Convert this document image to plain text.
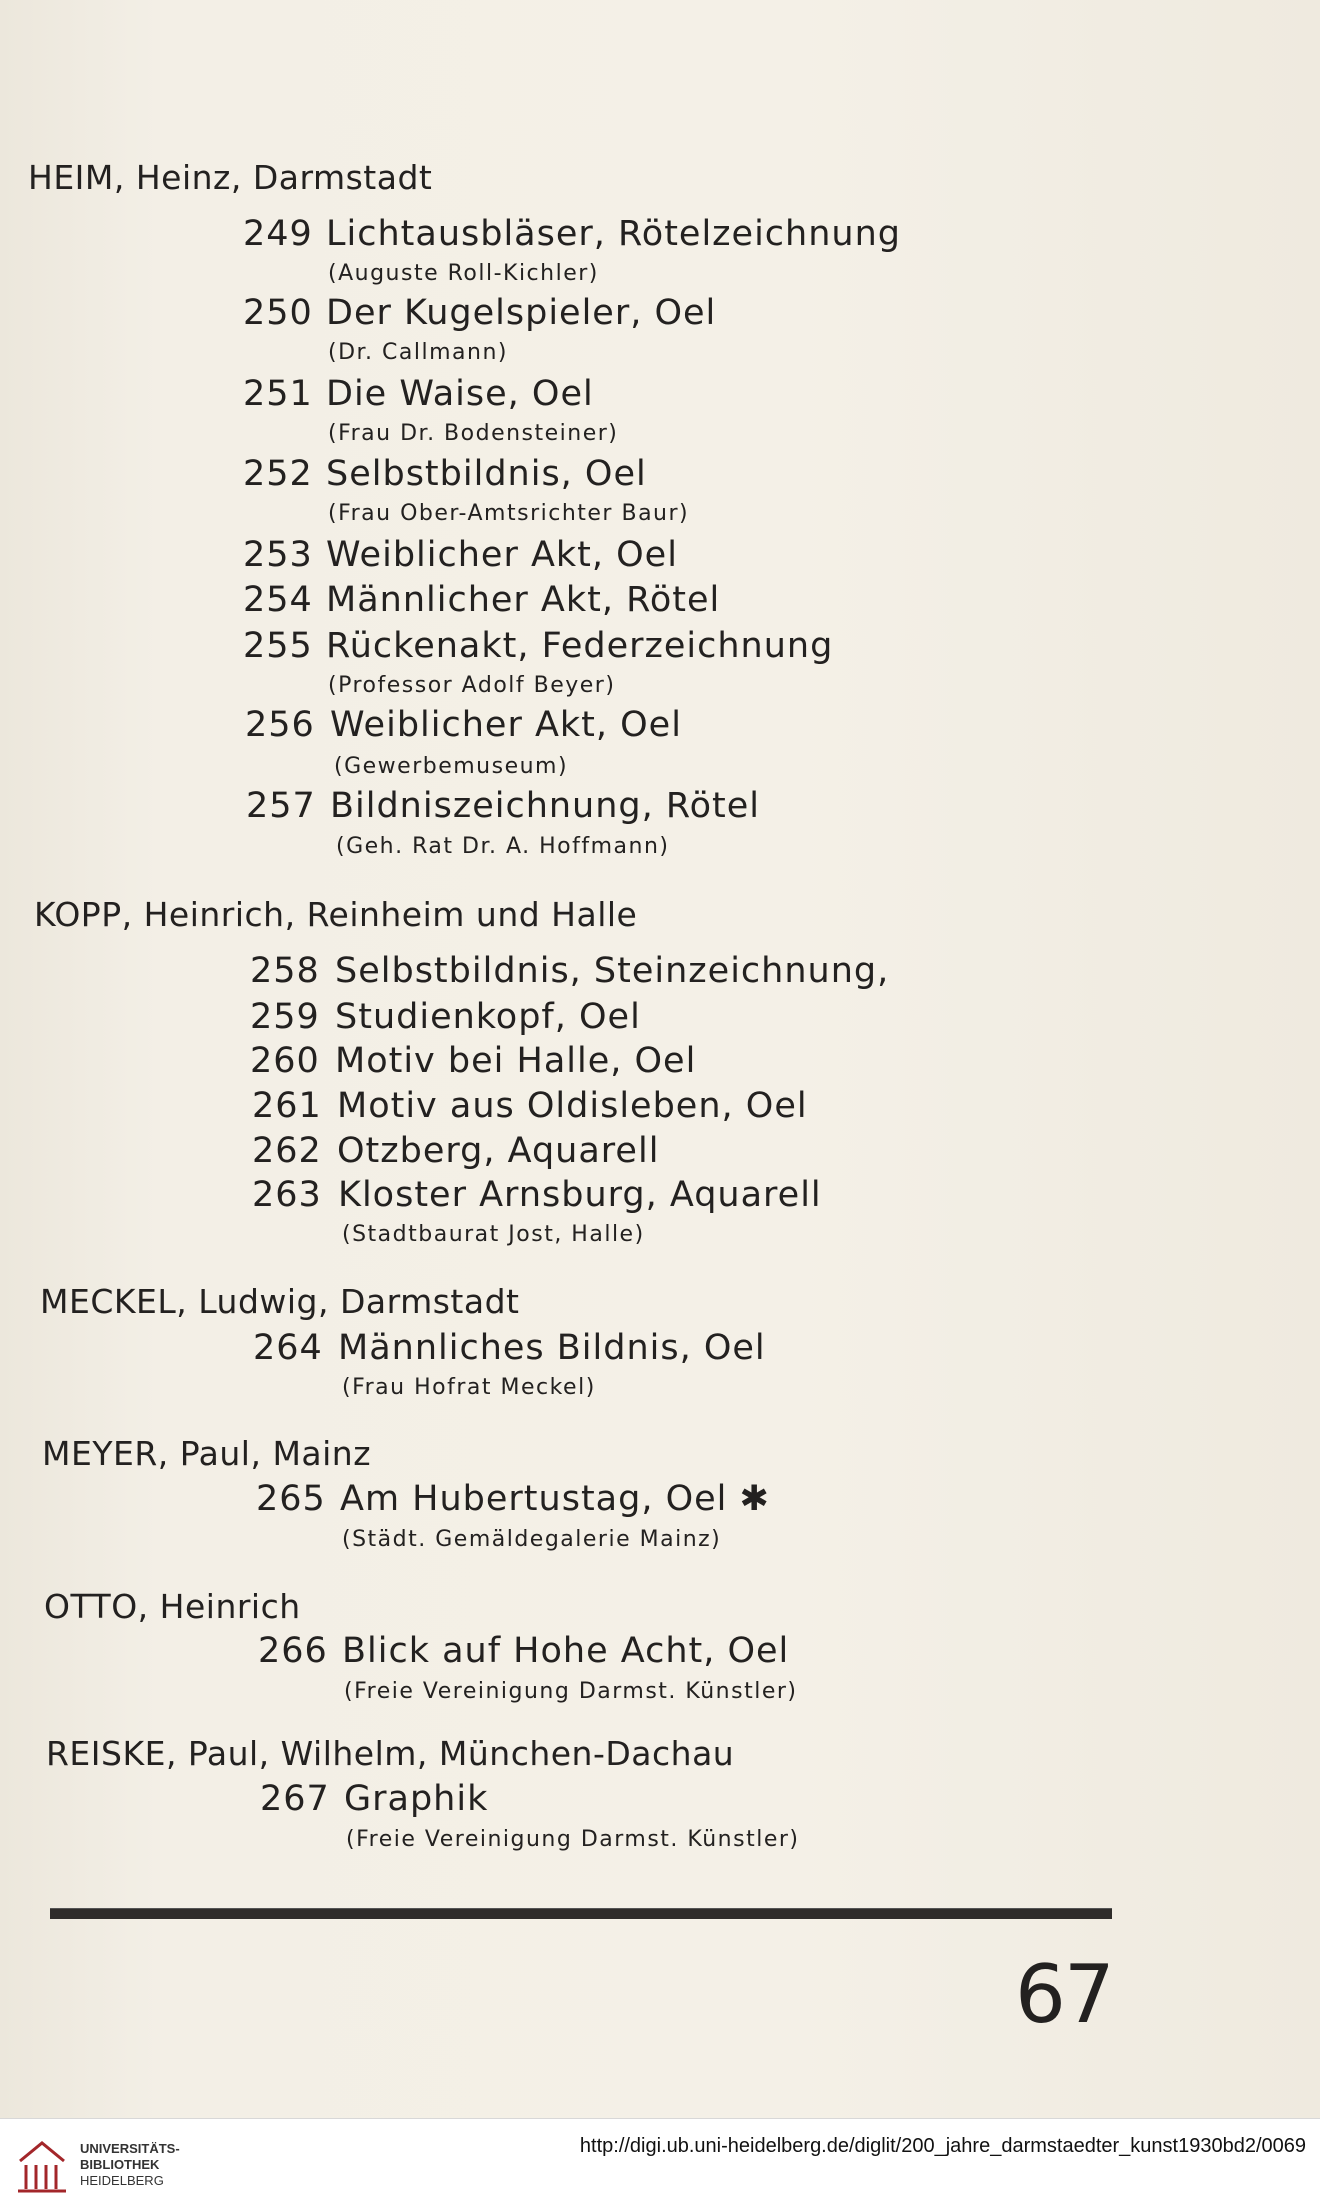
HEIM, Heinz, Darmstadt
249 Lichtausbläser, Rötelzeichnung
(Auguste Roll-Kichler)
250 Der Kugelspieler, Oel
(Dr. Callmann)
251 Die Waise, Oel
(Frau Dr. Bodensteiner)
252 Selbstbildnis, Oel
(Frau Ober-Amtsrichter Baur)
253 Weiblicher Akt, Oel
254 Männlicher Akt, Rötel
255 Rückenakt, Federzeichnung
(Professor Adolf Beyer)
256 Weiblicher Akt, Oel
(Gewerbemuseum)
257 Bildniszeichnung, Rötel
(Geh. Rat Dr. A. Hoffmann)
KOPP, Heinrich, Reinheim und Halle
258 Selbstbildnis, Steinzeichnung,
259 Studienkopf, Oel
260 Motiv bei Halle, Oel
261 Motiv aus Oldisleben, Oel
262 Otzberg, Aquarell
263 Kloster Arnsburg, Aquarell
(Stadtbaurat Jost, Halle)
MECKEL, Ludwig, Darmstadt
264 Männliches Bildnis, Oel
(Frau Hofrat Meckel)
MEYER, Paul, Mainz
265 Am Hubertustag, Oel ✱
(Städt. Gemäldegalerie Mainz)
OTTO, Heinrich
266 Blick auf Hohe Acht, Oel
(Freie Vereinigung Darmst. Künstler)
REISKE, Paul, Wilhelm, München-Dachau
267 Graphik
(Freie Vereinigung Darmst. Künstler)
67
UNIVERSITÄTS-
BIBLIOTHEK
HEIDELBERG
http://digi.ub.uni-heidelberg.de/diglit/200_jahre_darmstaedter_kunst1930bd2/0069
